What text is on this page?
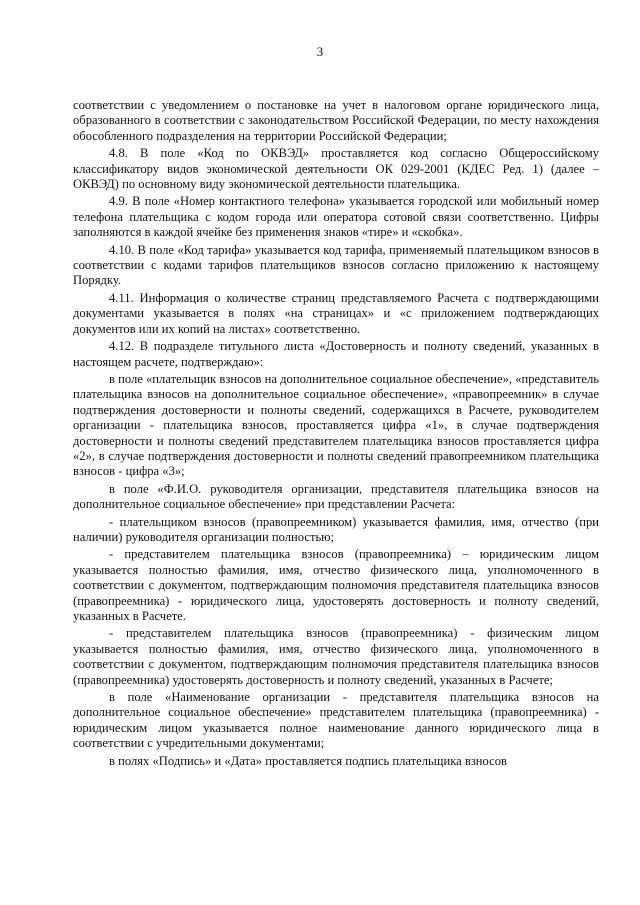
3

соответствии с уведомлением о постановке на учет в налоговом органе юридического лица, образованного в соответствии с законодательством Российской Федерации, по месту нахождения обособленного подразделения на территории Российской Федерации;

4.8. В поле «Код по ОКВЭД» проставляется код согласно Общероссийскому классификатору видов экономической деятельности ОК 029-2001 (КДЕС Ред. 1) (далее – ОКВЭД) по основному виду экономической деятельности плательщика.

4.9. В поле «Номер контактного телефона» указывается городской или мобильный номер телефона плательщика с кодом города или оператора сотовой связи соответственно. Цифры заполняются в каждой ячейке без применения знаков «тире» и «скобка».

4.10. В поле «Код тарифа» указывается код тарифа, применяемый плательщиком взносов в соответствии с кодами тарифов плательщиков взносов согласно приложению к настоящему Порядку.

4.11. Информация о количестве страниц представляемого Расчета с подтверждающими документами указывается в полях «на страницах» и «с приложением подтверждающих документов или их копий на листах» соответственно.

4.12. В подразделе титульного листа «Достоверность и полноту сведений, указанных в настоящем расчете, подтверждаю»:

в поле «плательщик взносов на дополнительное социальное обеспечение», «представитель плательщика взносов на дополнительное социальное обеспечение», «правопреемник» в случае подтверждения достоверности и полноты сведений, содержащихся в Расчете, руководителем организации - плательщика взносов, проставляется цифра «1», в случае подтверждения достоверности и полноты сведений представителем плательщика взносов проставляется цифра «2», в случае подтверждения достоверности и полноты сведений правопреемником плательщика взносов - цифра «3»;

в поле «Ф.И.О. руководителя организации, представителя плательщика взносов на дополнительное социальное обеспечение» при представлении Расчета:

- плательщиком взносов (правопреемником) указывается фамилия, имя, отчество (при наличии) руководителя организации полностью;

- представителем плательщика взносов (правопреемника) – юридическим лицом указывается полностью фамилия, имя, отчество физического лица, уполномоченного в соответствии с документом, подтверждающим полномочия представителя плательщика взносов (правопреемника) - юридического лица, удостоверять достоверность и полноту сведений, указанных в Расчете.

- представителем плательщика взносов (правопреемника) - физическим лицом указывается полностью фамилия, имя, отчество физического лица, уполномоченного в соответствии с документом, подтверждающим полномочия представителя плательщика взносов (правопреемника) удостоверять достоверность и полноту сведений, указанных в Расчете;

в поле «Наименование организации - представителя плательщика взносов на дополнительное социальное обеспечение» представителем плательщика (правопреемника) - юридическим лицом указывается полное наименование данного юридического лица в соответствии с учредительными документами;

в полях «Подпись» и «Дата» проставляется подпись плательщика взносов
